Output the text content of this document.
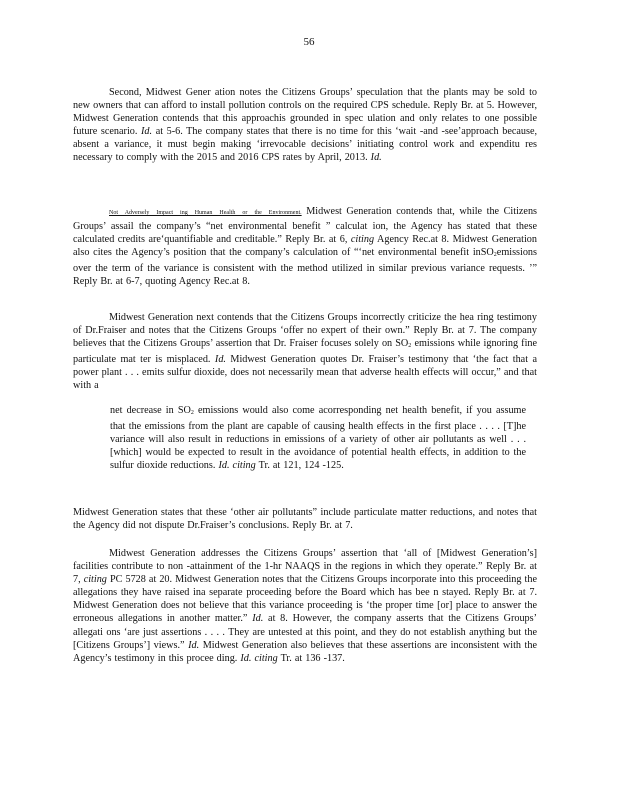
56

Second, Midwest Gener ation notes the Citizens Groups’ speculation that the plants may be sold to new owners that can afford to install pollution controls on the required CPS schedule. Reply Br. at 5. However, Midwest Generation contends that this approachis grounded in spec ulation and only relates to one possible future scenario. Id. at 5-6. The company states that there is no time for this ‘wait -and -see’approach because, absent a variance, it must begin making ‘irrevocable decisions’ initiating control work and expenditu res necessary to comply with the 2015 and 2016 CPS rates by April, 2013. Id.

Not Adversely Impact ing Human Health or the Environment. Midwest Generation contends that, while the Citizens Groups’ assail the company’s “net environmental benefit ” calculat ion, the Agency has stated that these calculated credits are‘quantifiable and creditable.” Reply Br. at 6, citing Agency Rec.at 8. Midwest Generation also cites the Agency’s position that the company’s calculation of “‘net environmental benefit inSO2emissions over the term of the variance is consistent with the method utilized in similar previous variance requests. ’” Reply Br. at 6-7, quoting Agency Rec.at 8.

Midwest Generation next contends that the Citizens Groups incorrectly criticize the hea ring testimony of Dr.Fraiser and notes that the Citizens Groups ‘offer no expert of their own.” Reply Br. at 7. The company believes that the Citizens Groups’ assertion that Dr. Fraiser focuses solely on SO2 emissions while ignoring fine particulate mat ter is misplaced. Id. Midwest Generation quotes Dr. Fraiser’s testimony that ‘the fact that a power plant . . . emits sulfur dioxide, does not necessarily mean that adverse health effects will occur,” and that with a

net decrease in SO2 emissions would also come acorresponding net health benefit, if you assume that the emissions from the plant are capable of causing health effects in the first place . . . . [T]he variance will also result in reductions in emissions of a variety of other air pollutants as well . . . [which] would be expected to result in the avoidance of potential health effects, in addition to the sulfur dioxide reductions. Id. citing Tr. at 121, 124 -125.

Midwest Generation states that these ‘other air pollutants” include particulate matter reductions, and notes that the Agency did not dispute Dr.Fraiser’s conclusions. Reply Br. at 7.

Midwest Generation addresses the Citizens Groups’ assertion that ‘all of [Midwest Generation’s] facilities contribute to non -attainment of the 1-hr NAAQS in the regions in which they operate.” Reply Br. at 7, citing PC 5728 at 20. Midwest Generation notes that the Citizens Groups incorporate into this proceeding the allegations they have raised ina separate proceeding before the Board which has bee n stayed. Reply Br. at 7. Midwest Generation does not believe that this variance proceeding is ‘the proper time [or] place to answer the erroneous allegations in another matter.” Id. at 8. However, the company asserts that the Citizens Groups’ allegati ons ‘are just assertions . . . . They are untested at this point, and they do not establish anything but the [Citizens Groups’] views.” Id. Midwest Generation also believes that these assertions are inconsistent with the Agency’s testimony in this procee ding. Id. citing Tr. at 136 -137.
